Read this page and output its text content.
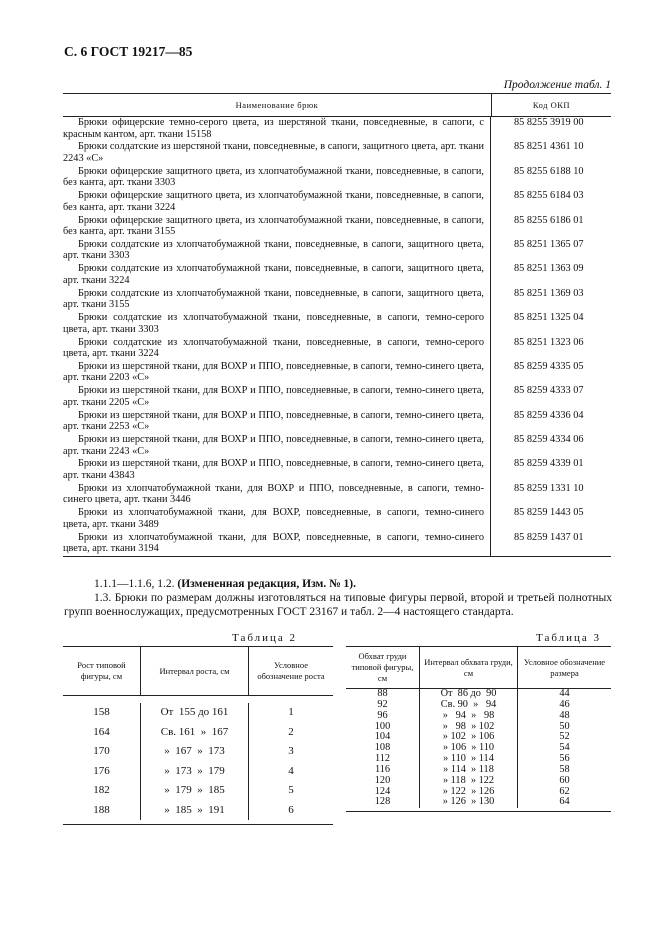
С. 6 ГОСТ 19217—85
Продолжение табл. 1
Наименование брюк	Код ОКП
Брюки офицерские темно-серого цвета, из шерстяной ткани, повседневные, в сапоги, с красным кантом, арт. ткани 15158
85 8255 3919 00
Брюки солдатские из шерстяной ткани, повседневные, в сапоги, защитного цвета, арт. ткани 2243 «С»
85 8251 4361 10
Брюки офицерские защитного цвета, из хлопчатобумажной ткани, повседневные, в сапоги, без канта, арт. ткани 3303
85 8255 6188 10
Брюки офицерские защитного цвета, из хлопчатобумажной ткани, повседневные, в сапоги, без канта, арт. ткани 3224
85 8255 6184 03
Брюки офицерские защитного цвета, из хлопчатобумажной ткани, повседневные, в сапоги, без канта, арт. ткани 3155
85 8255 6186 01
Брюки солдатские из хлопчатобумажной ткани, повседневные, в сапоги, защитного цвета, арт. ткани 3303
85 8251 1365 07
Брюки солдатские из хлопчатобумажной ткани, повседневные, в сапоги, защитного цвета, арт. ткани 3224
85 8251 1363 09
Брюки солдатские из хлопчатобумажной ткани, повседневные, в сапоги, защитного цвета, арт. ткани 3155
85 8251 1369 03
Брюки солдатские из хлопчатобумажной ткани, повседневные, в сапоги, темно-серого цвета, арт. ткани 3303
85 8251 1325 04
Брюки солдатские из хлопчатобумажной ткани, повседневные, в сапоги, темно-серого цвета, арт. ткани 3224
85 8251 1323 06
Брюки из шерстяной ткани, для ВОХР и ППО, повседневные, в сапоги, темно-синего цвета, арт. ткани 2203 «С»
85 8259 4335 05
Брюки из шерстяной ткани, для ВОХР и ППО, повседневные, в сапоги, темно-синего цвета, арт. ткани 2205 «С»
85 8259 4333 07
Брюки из шерстяной ткани, для ВОХР и ППО, повседневные, в сапоги, темно-синего цвета, арт. ткани 2253 «С»
85 8259 4336 04
Брюки из шерстяной ткани, для ВОХР и ППО, повседневные, в сапоги, темно-синего цвета, арт. ткани 2243 «С»
85 8259 4334 06
Брюки из шерстяной ткани, для ВОХР и ППО, повседневные, в сапоги, темно-синего цвета, арт. ткани 43843
85 8259 4339 01
Брюки из хлопчатобумажной ткани, для ВОХР и ППО, повседневные, в сапоги, темно-синего цвета, арт. ткани 3446
85 8259 1331 10
Брюки из хлопчатобумажной ткани, для ВОХР, повседневные, в сапоги, темно-синего цвета, арт. ткани 3489
85 8259 1443 05
Брюки из хлопчатобумажной ткани, для ВОХР, повседневные, в сапоги, темно-синего цвета, арт. ткани 3194
85 8259 1437 01
1.1.1—1.1.6, 1.2. (Измененная редакция, Изм. № 1).
1.3. Брюки по размерам должны изготовляться на типовые фигуры первой, второй и третьей полнотных групп военнослужащих, предусмотренных ГОСТ 23167 и табл. 2—4 настоящего стандарта.
Таблица 2	Таблица 3
Рост типовой фигуры, см
Интервал роста, см
Условное обозначение роста
158
164
170
176
182
188
От  155 до 161
Св. 161  »  167
»  167  »  173
»  173  »  179
»  179  »  185
»  185  »  191
1
2
3
4
5
6
Обхват груди типовой фигуры, см
Интервал обхвата груди, см
Условное обозначение размера
88
92
96
100
104
108
112
116
120
124
128
От  86 до  90
Св. 90  »   94
»   94  »   98
»   98  » 102
» 102  » 106
» 106  » 110
» 110  » 114
» 114  » 118
» 118  » 122
» 122  » 126
» 126  » 130
44
46
48
50
52
54
56
58
60
62
64
